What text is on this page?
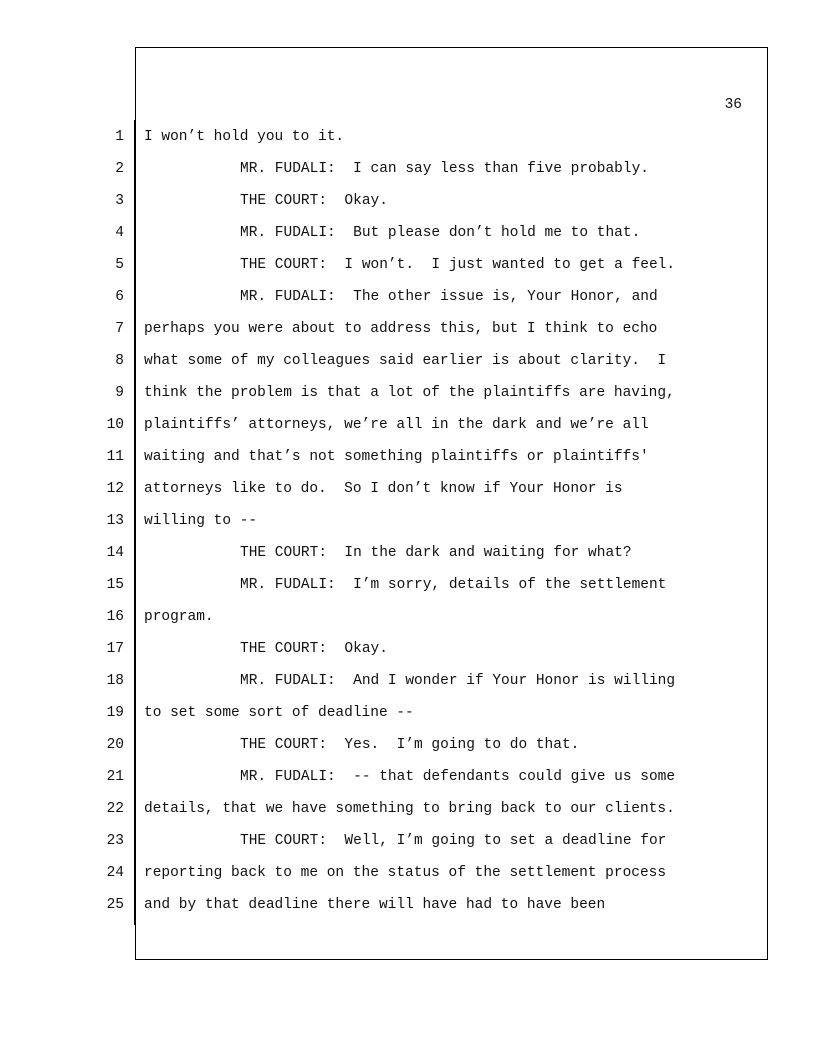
36

1

I won’t hold you to it.

2

	MR. FUDALI:  I can say less than five probably.

3

	THE COURT:  Okay.

4

	MR. FUDALI:  But please don’t hold me to that.

5

	THE COURT:  I won’t.  I just wanted to get a feel.

6

	MR. FUDALI:  The other issue is, Your Honor, and

7

perhaps you were about to address this, but I think to echo

8

what some of my colleagues said earlier is about clarity.  I

9

think the problem is that a lot of the plaintiffs are having,

10

plaintiffs’ attorneys, we’re all in the dark and we’re all

11

waiting and that’s not something plaintiffs or plaintiffs'

12

attorneys like to do.  So I don’t know if Your Honor is

13

willing to --

14

	THE COURT:  In the dark and waiting for what?

15

	MR. FUDALI:  I’m sorry, details of the settlement

16

program.

17

	THE COURT:  Okay.

18

	MR. FUDALI:  And I wonder if Your Honor is willing

19

to set some sort of deadline --

20

	THE COURT:  Yes.  I’m going to do that.

21

	MR. FUDALI:  -- that defendants could give us some

22

details, that we have something to bring back to our clients.

23

	THE COURT:  Well, I’m going to set a deadline for

24

reporting back to me on the status of the settlement process

25

and by that deadline there will have had to have been
